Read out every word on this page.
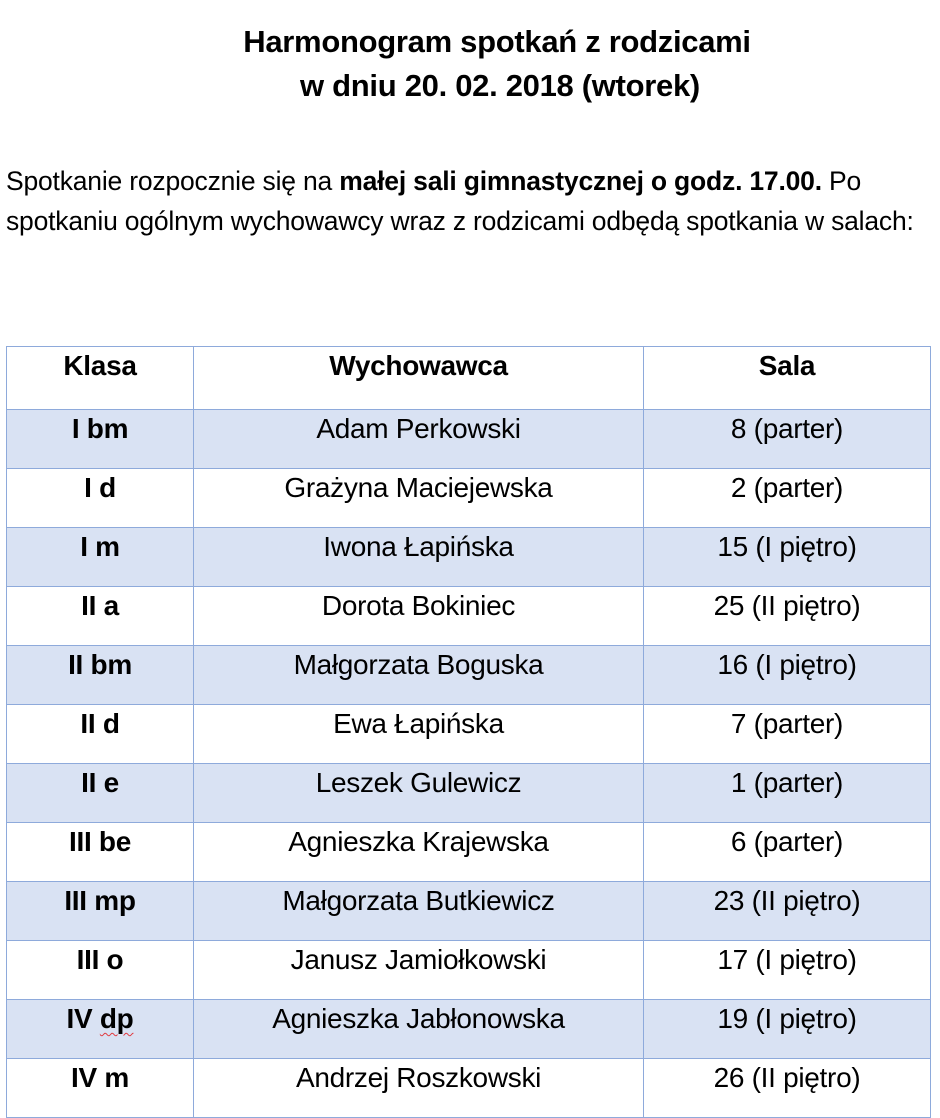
Harmonogram spotkań z rodzicami
w dniu 20. 02. 2018 (wtorek)
Spotkanie rozpocznie się na małej sali gimnastycznej o godz. 17.00. Po spotkaniu ogólnym wychowawcy wraz z rodzicami odbędą spotkania w salach:
Klasa	Wychowawca	Sala
I bm	Adam Perkowski	8 (parter)
I d	Grażyna Maciejewska	2 (parter)
I m	Iwona Łapińska	15 (I piętro)
II a	Dorota Bokiniec	25 (II piętro)
II bm	Małgorzata Boguska	16 (I piętro)
II d	Ewa Łapińska	7 (parter)
II e	Leszek Gulewicz	1 (parter)
III be	Agnieszka Krajewska	6 (parter)
III mp	Małgorzata Butkiewicz	23 (II piętro)
III o	Janusz Jamiołkowski	17 (I piętro)
IV dp	Agnieszka Jabłonowska	19 (I piętro)
IV m	Andrzej Roszkowski	26 (II piętro)
